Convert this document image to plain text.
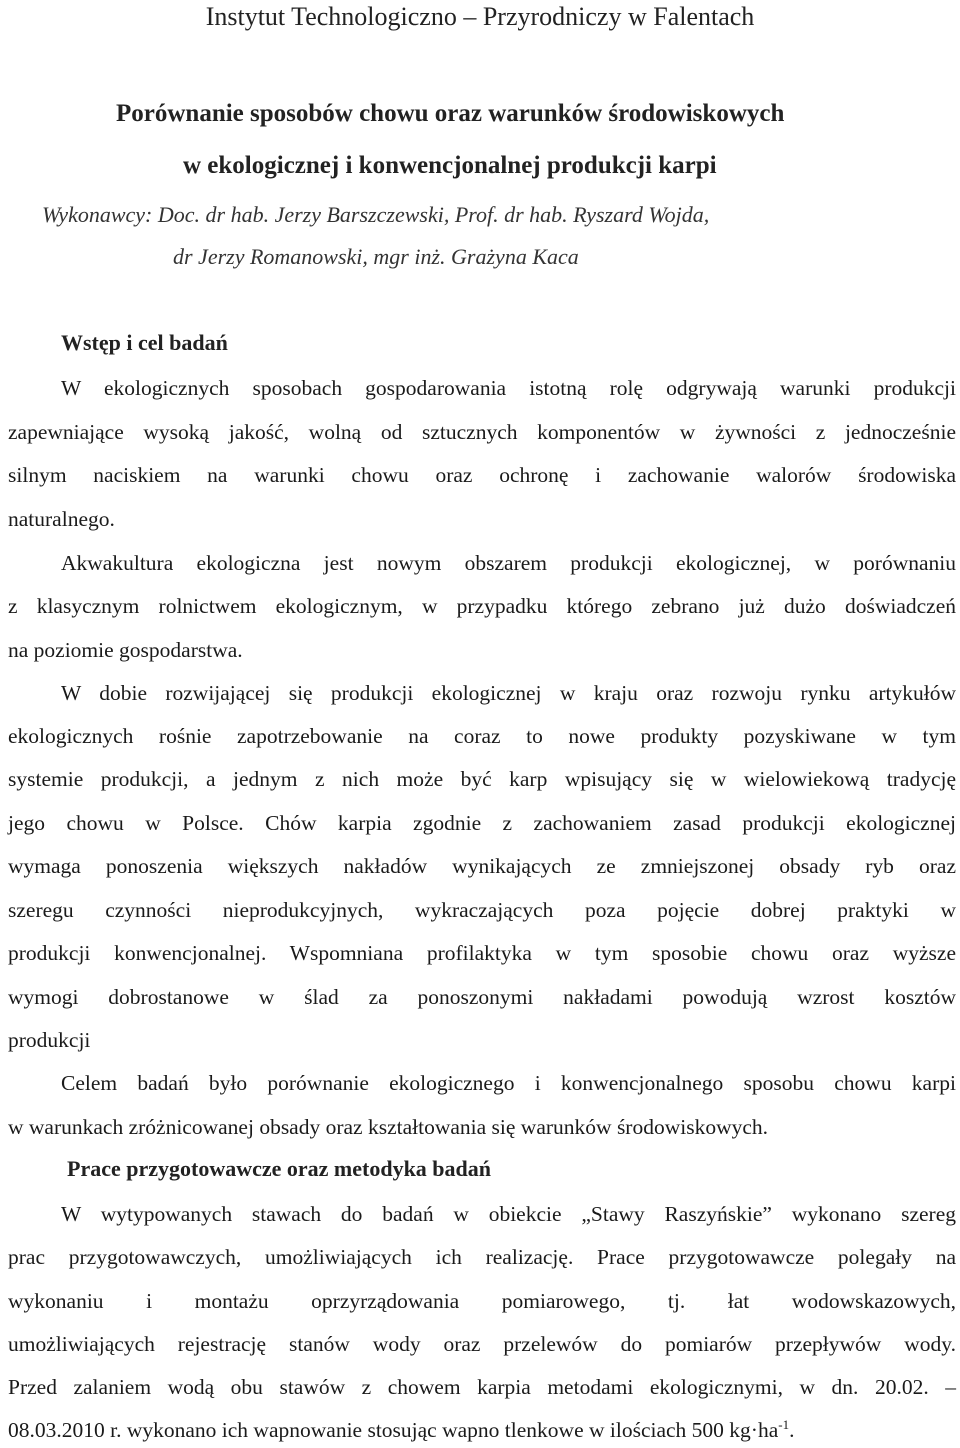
Instytut Technologiczno – Przyrodniczy w Falentach
Porównanie sposobów chowu oraz warunków środowiskowych
w ekologicznej i konwencjonalnej produkcji karpi
Wykonawcy: Doc. dr hab. Jerzy Barszczewski, Prof. dr hab. Ryszard Wojda,
dr Jerzy Romanowski, mgr inż. Grażyna Kaca
Wstęp i cel badań
W ekologicznych sposobach gospodarowania istotną rolę odgrywają warunki produkcji
zapewniające wysoką jakość, wolną od sztucznych komponentów w żywności z jednocześnie
silnym naciskiem na warunki chowu oraz ochronę i zachowanie walorów środowiska
naturalnego.
Akwakultura ekologiczna jest nowym obszarem produkcji ekologicznej, w porównaniu
z klasycznym rolnictwem ekologicznym, w przypadku którego zebrano już dużo doświadczeń
na poziomie gospodarstwa.
W dobie rozwijającej się produkcji ekologicznej w kraju oraz rozwoju rynku artykułów
ekologicznych rośnie zapotrzebowanie na coraz to nowe produkty pozyskiwane w tym
systemie produkcji, a jednym z nich może być karp wpisujący się w wielowiekową tradycję
jego chowu w Polsce. Chów karpia zgodnie z zachowaniem zasad produkcji ekologicznej
wymaga ponoszenia większych nakładów wynikających ze zmniejszonej obsady ryb oraz
szeregu czynności nieprodukcyjnych, wykraczających poza pojęcie dobrej praktyki w
produkcji konwencjonalnej. Wspomniana profilaktyka w tym sposobie chowu oraz wyższe
wymogi dobrostanowe w ślad za ponoszonymi nakładami powodują wzrost kosztów
produkcji
Celem badań było porównanie ekologicznego i konwencjonalnego sposobu chowu karpi
w warunkach zróżnicowanej obsady oraz kształtowania się warunków środowiskowych.
Prace przygotowawcze oraz metodyka badań
W wytypowanych stawach do badań w obiekcie „Stawy Raszyńskie” wykonano szereg
prac przygotowawczych, umożliwiających ich realizację. Prace przygotowawcze polegały na
wykonaniu i montażu oprzyrządowania pomiarowego, tj. łat wodowskazowych,
umożliwiających rejestrację stanów wody oraz przelewów do pomiarów przepływów wody.
Przed zalaniem wodą obu stawów z chowem karpia metodami ekologicznymi, w dn. 20.02. –
08.03.2010 r. wykonano ich wapnowanie stosując wapno tlenkowe w ilościach 500 $kg\cdot ha^{-1}$.
